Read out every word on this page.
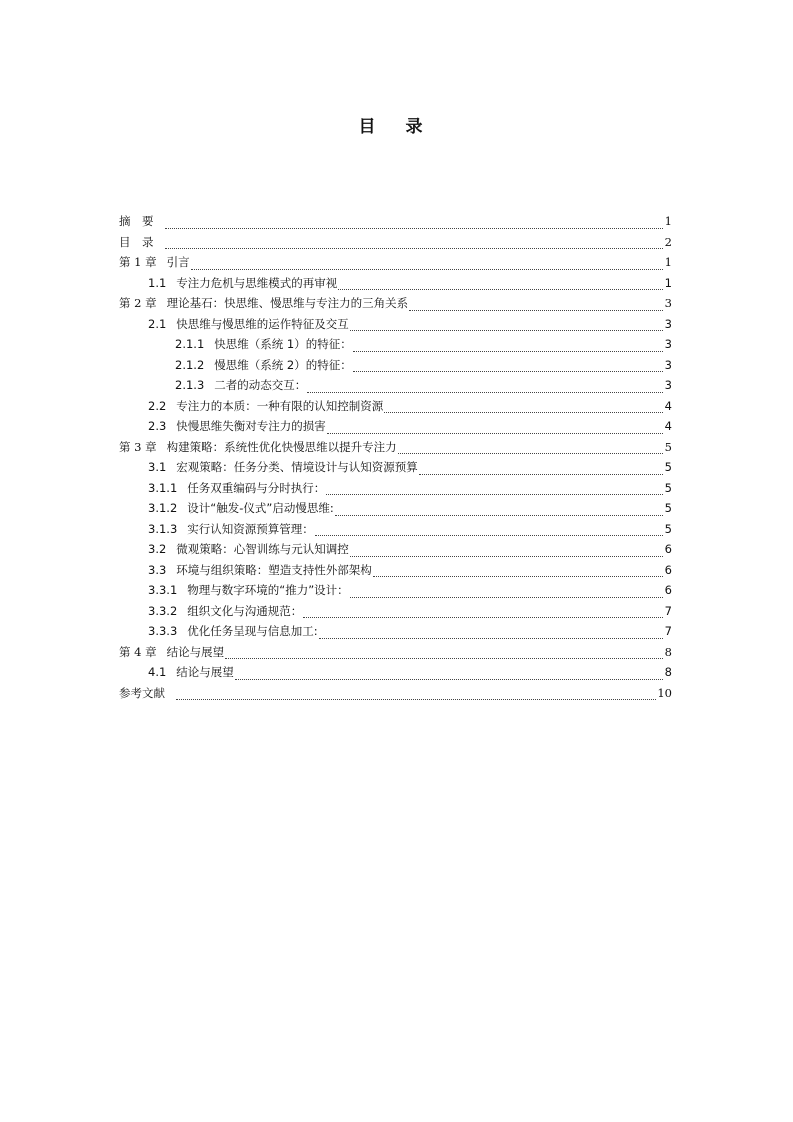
目 录
摘　要	1
目　录	2
第 1 章 引言	1
1.1 专注力危机与思维模式的再审视	1
第 2 章 理论基石：快思维、慢思维与专注力的三角关系	3
2.1 快思维与慢思维的运作特征及交互	3
2.1.1 快思维（系统 1）的特征：	3
2.1.2 慢思维（系统 2）的特征：	3
2.1.3 二者的动态交互：	3
2.2 专注力的本质：一种有限的认知控制资源	4
2.3 快慢思维失衡对专注力的损害	4
第 3 章 构建策略：系统性优化快慢思维以提升专注力	5
3.1 宏观策略：任务分类、情境设计与认知资源预算	5
3.1.1 任务双重编码与分时执行：	5
3.1.2 设计“触发-仪式”启动慢思维:	5
3.1.3 实行认知资源预算管理：	5
3.2 微观策略：心智训练与元认知调控	6
3.3 环境与组织策略：塑造支持性外部架构	6
3.3.1 物理与数字环境的“推力”设计：	6
3.3.2 组织文化与沟通规范：	7
3.3.3 优化任务呈现与信息加工:	7
第 4 章 结论与展望	8
4.1 结论与展望	8
参考文献	10
